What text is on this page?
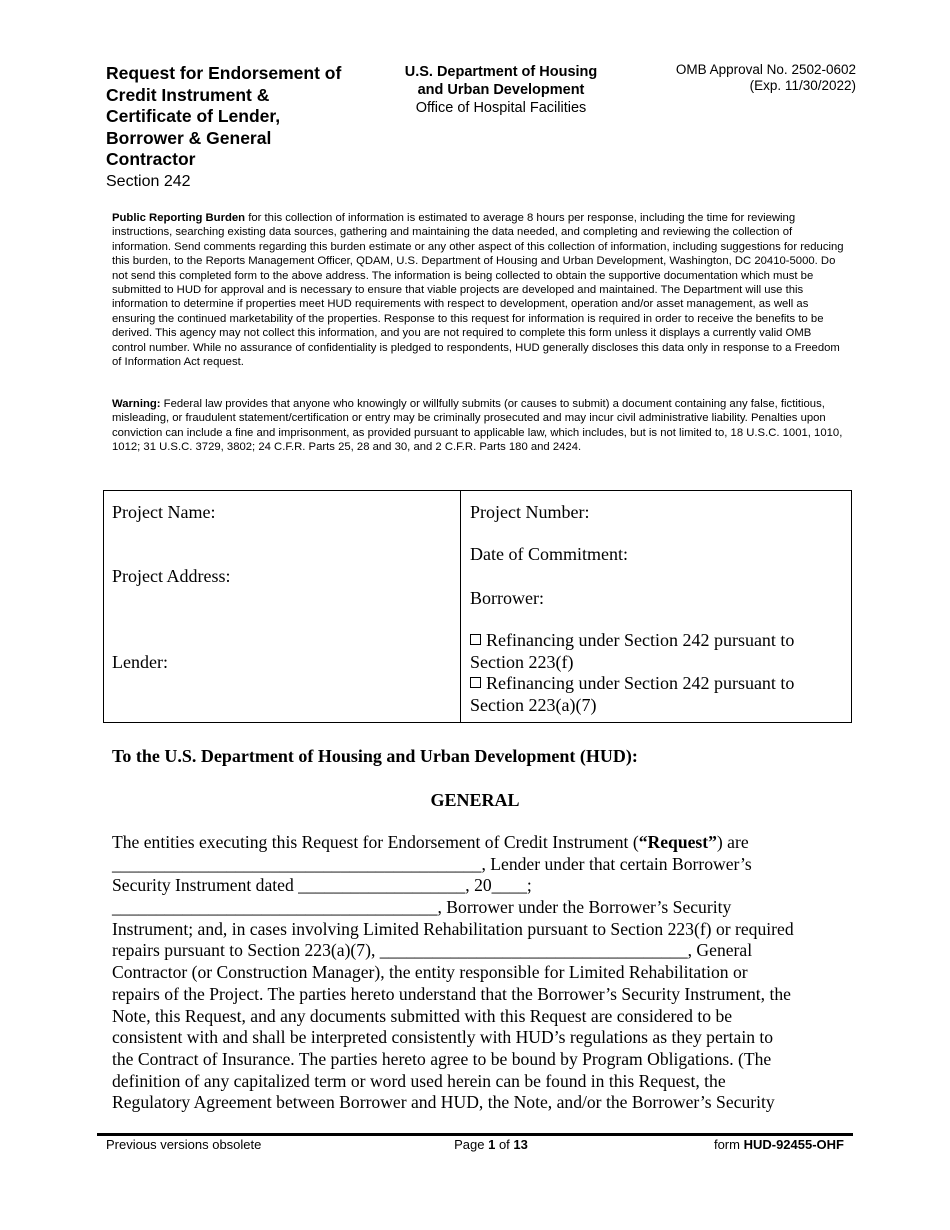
Request for Endorsement of
Credit Instrument &
Certificate of Lender,
Borrower & General
Contractor
Section 242
U.S. Department of Housing
and Urban Development
Office of Hospital Facilities
OMB Approval No. 2502-0602
(Exp. 11/30/2022)
Public Reporting Burden for this collection of information is estimated to average 8 hours per response, including the time for reviewing instructions, searching existing data sources, gathering and maintaining the data needed, and completing and reviewing the collection of information. Send comments regarding this burden estimate or any other aspect of this collection of information, including suggestions for reducing this burden, to the Reports Management Officer, QDAM, U.S. Department of Housing and Urban Development, Washington, DC 20410-5000. Do not send this completed form to the above address. The information is being collected to obtain the supportive documentation which must be submitted to HUD for approval and is necessary to ensure that viable projects are developed and maintained. The Department will use this information to determine if properties meet HUD requirements with respect to development, operation and/or asset management, as well as ensuring the continued marketability of the properties. Response to this request for information is required in order to receive the benefits to be derived. This agency may not collect this information, and you are not required to complete this form unless it displays a currently valid OMB control number. While no assurance of confidentiality is pledged to respondents, HUD generally discloses this data only in response to a Freedom of Information Act request.
Warning: Federal law provides that anyone who knowingly or willfully submits (or causes to submit) a document containing any false, fictitious, misleading, or fraudulent statement/certification or entry may be criminally prosecuted and may incur civil administrative liability. Penalties upon conviction can include a fine and imprisonment, as provided pursuant to applicable law, which includes, but is not limited to, 18 U.S.C. 1001, 1010, 1012; 31 U.S.C. 3729, 3802; 24 C.F.R. Parts 25, 28 and 30, and 2 C.F.R. Parts 180 and 2424.
Project Name:
Project Address:
Lender:
Project Number:
Date of Commitment:
Borrower:
Refinancing under Section 242 pursuant to
Section 223(f)
Refinancing under Section 242 pursuant to
Section 223(a)(7)
To the U.S. Department of Housing and Urban Development (HUD):
GENERAL
The entities executing this Request for Endorsement of Credit Instrument (“Request”) are
__________________________________________, Lender under that certain Borrower’s
Security Instrument dated ___________________, 20____;
_____________________________________, Borrower under the Borrower’s Security
Instrument; and, in cases involving Limited Rehabilitation pursuant to Section 223(f) or required
repairs pursuant to Section 223(a)(7), ___________________________________, General
Contractor (or Construction Manager), the entity responsible for Limited Rehabilitation or
repairs of the Project. The parties hereto understand that the Borrower’s Security Instrument, the
Note, this Request, and any documents submitted with this Request are considered to be
consistent with and shall be interpreted consistently with HUD’s regulations as they pertain to
the Contract of Insurance. The parties hereto agree to be bound by Program Obligations. (The
definition of any capitalized term or word used herein can be found in this Request, the
Regulatory Agreement between Borrower and HUD, the Note, and/or the Borrower’s Security
Previous versions obsolete	Page 1 of 13	form HUD-92455-OHF
